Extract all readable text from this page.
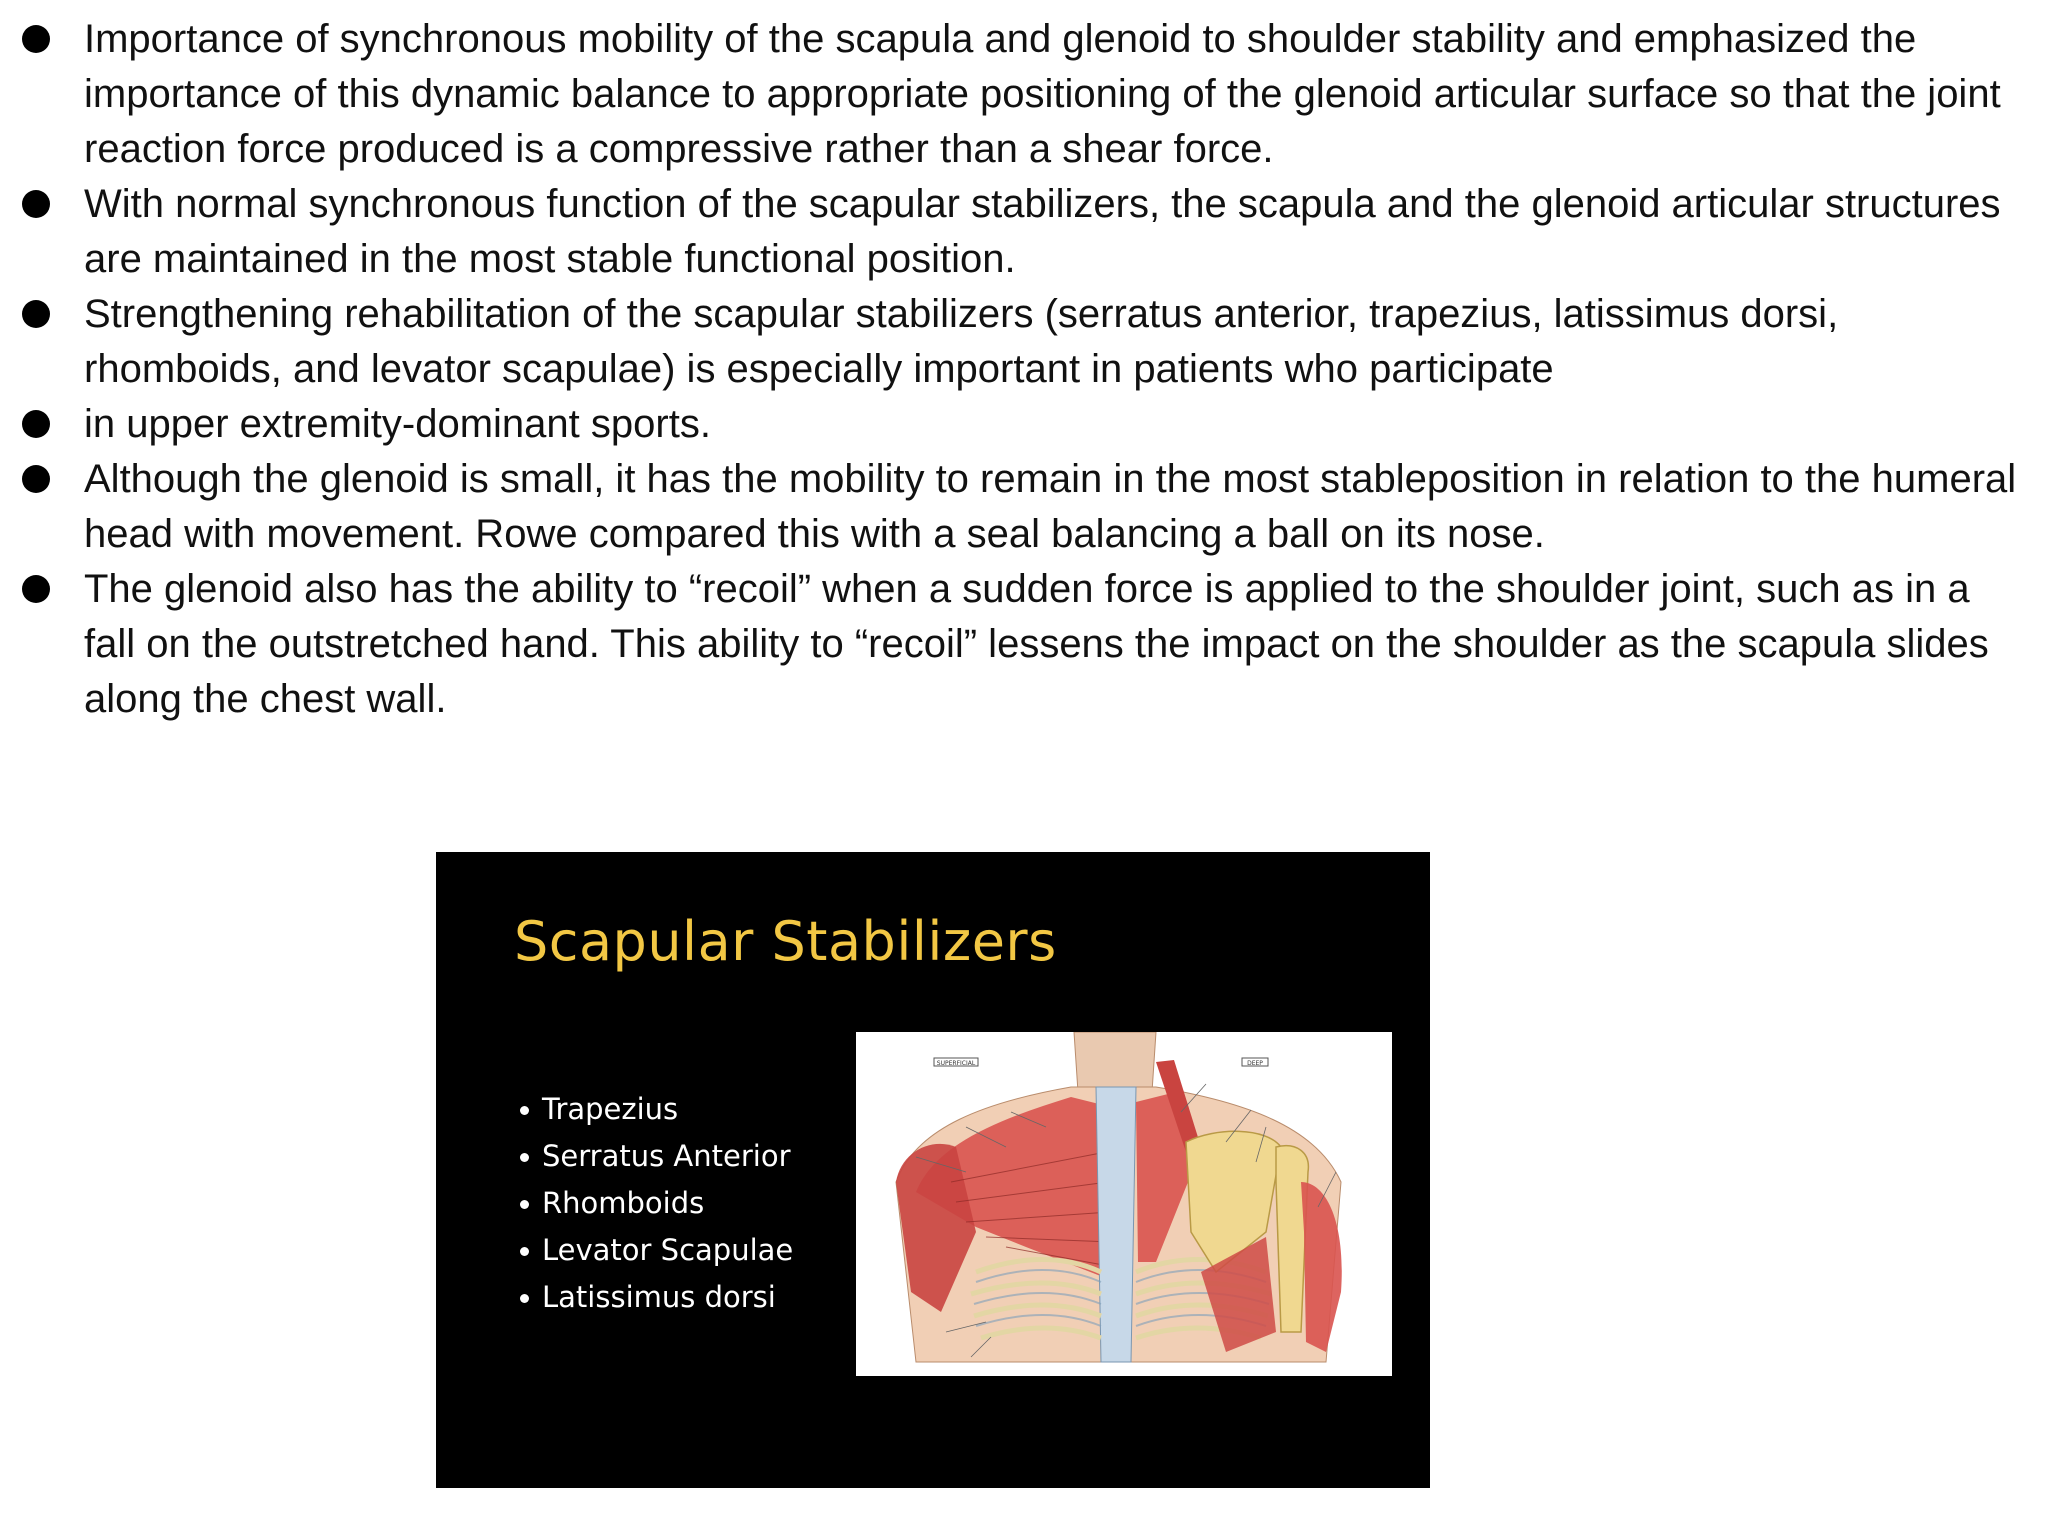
Importance of synchronous mobility of the scapula and glenoid to shoulder stability and emphasized the importance of this dynamic balance to appropriate positioning of the glenoid articular surface so that the joint reaction force produced is a compressive rather than a shear force.
With normal synchronous function of the scapular stabilizers, the scapula and the glenoid articular structures are maintained in the most stable functional position.
Strengthening rehabilitation of the scapular stabilizers (serratus anterior, trapezius, latissimus dorsi, rhomboids, and levator scapulae) is especially important in patients who participate
in upper extremity-dominant sports.
Although the glenoid is small, it has the mobility to remain in the most stableposition in relation to the humeral head with movement. Rowe compared this with a seal balancing a ball on its nose.
The glenoid also has the ability to “recoil” when a sudden force is applied to the shoulder joint, such as in a fall on the outstretched hand. This ability to “recoil” lessens the impact on the shoulder as the scapula slides along the chest wall.
Scapular Stabilizers
Trapezius
Serratus Anterior
Rhomboids
Levator Scapulae
Latissimus dorsi
SUPERFICIAL	DEEP
